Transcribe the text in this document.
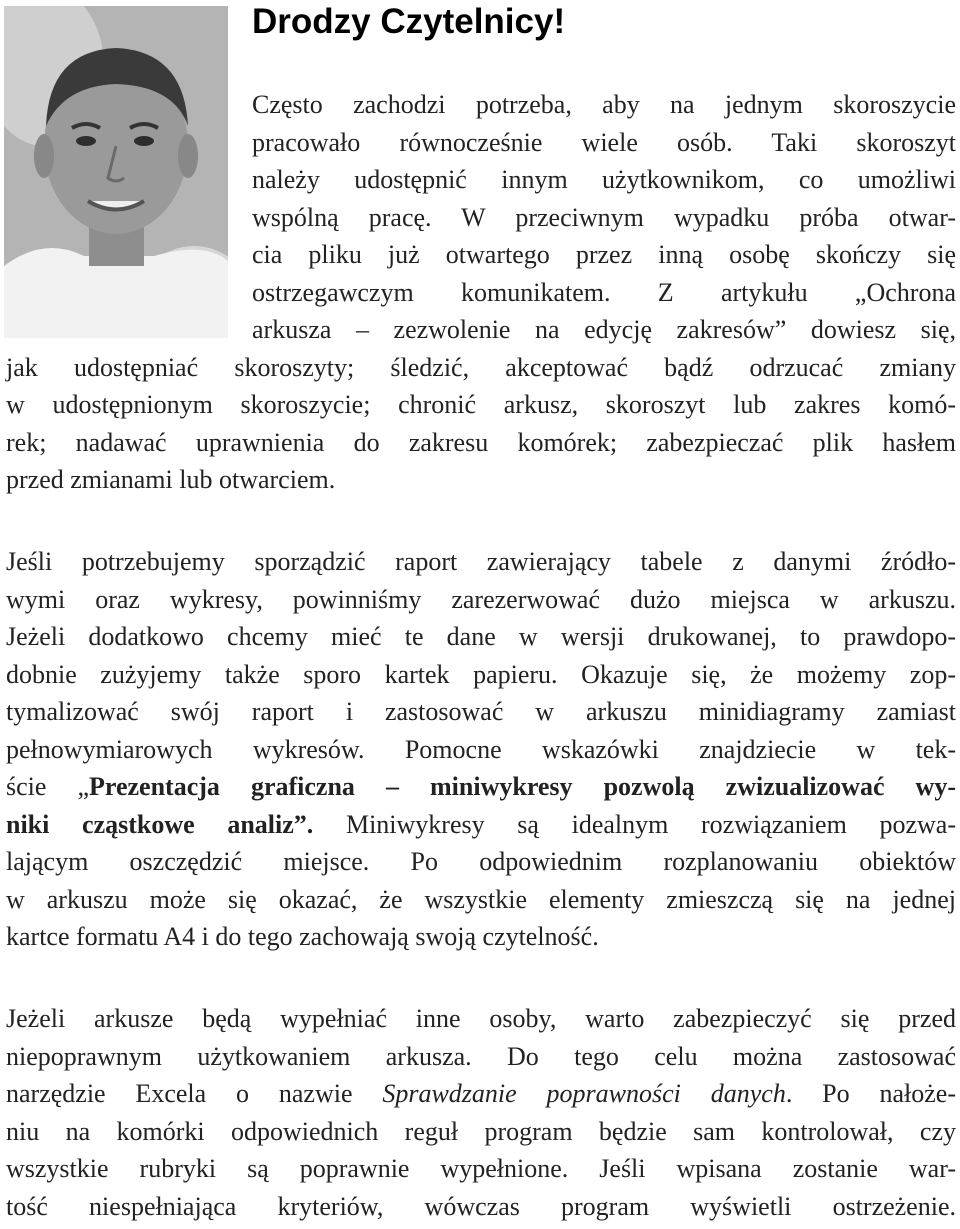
Drodzy Czytelnicy!
Często zachodzi potrzeba, aby na jednym skoroszycie
pracowało równocześnie wiele osób. Taki skoroszyt
należy udostępnić innym użytkownikom, co umożliwi
wspólną pracę. W przeciwnym wypadku próba otwar-
cia pliku już otwartego przez inną osobę skończy się
ostrzegawczym komunikatem. Z artykułu „Ochrona
arkusza – zezwolenie na edycję zakresów” dowiesz się,
jak udostępniać skoroszyty; śledzić, akceptować bądź odrzucać zmiany
w udostępnionym skoroszycie; chronić arkusz, skoroszyt lub zakres komó-
rek; nadawać uprawnienia do zakresu komórek; zabezpieczać plik hasłem
przed zmianami lub otwarciem.
Jeśli potrzebujemy sporządzić raport zawierający tabele z danymi źródło-
wymi oraz wykresy, powinniśmy zarezerwować dużo miejsca w arkuszu.
Jeżeli dodatkowo chcemy mieć te dane w wersji drukowanej, to prawdopo-
dobnie zużyjemy także sporo kartek papieru. Okazuje się, że możemy zop-
tymalizować swój raport i zastosować w arkuszu minidiagramy zamiast
pełnowymiarowych wykresów. Pomocne wskazówki znajdziecie w tek-
ście „Prezentacja graficzna – miniwykresy pozwolą zwizualizować wy-
niki cząstkowe analiz”. Miniwykresy są idealnym rozwiązaniem pozwa-
lającym oszczędzić miejsce. Po odpowiednim rozplanowaniu obiektów
w arkuszu może się okazać, że wszystkie elementy zmieszczą się na jednej
kartce formatu A4 i do tego zachowają swoją czytelność.
Jeżeli arkusze będą wypełniać inne osoby, warto zabezpieczyć się przed
niepoprawnym użytkowaniem arkusza. Do tego celu można zastosować
narzędzie Excela o nazwie Sprawdzanie poprawności danych. Po nałoże-
niu na komórki odpowiednich reguł program będzie sam kontrolował, czy
wszystkie rubryki są poprawnie wypełnione. Jeśli wpisana zostanie war-
tość niespełniająca kryteriów, wówczas program wyświetli ostrzeżenie.
